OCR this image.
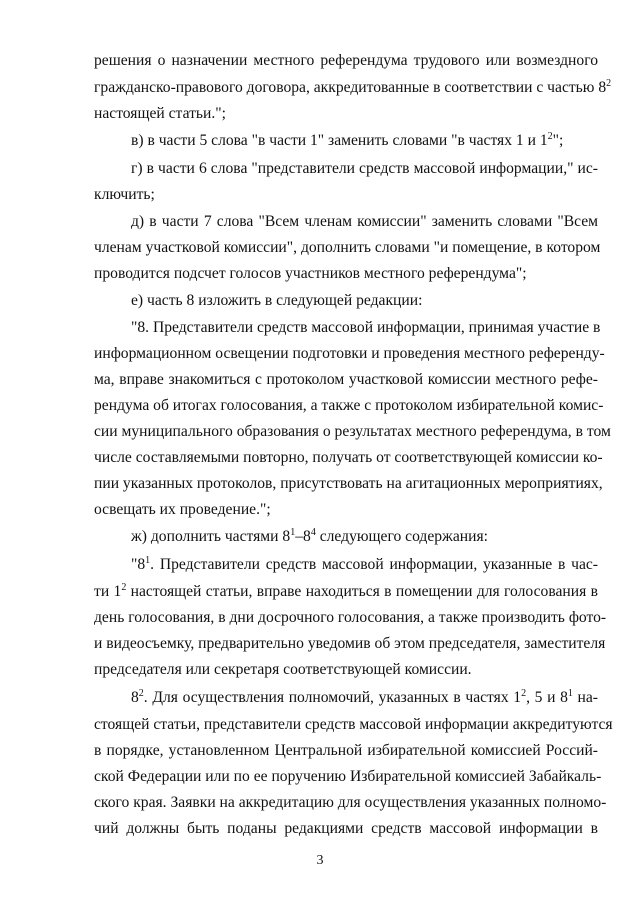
решения о назначении местного референдума трудового или возмездного
гражданско-правового договора, аккредитованные в соответствии с частью $8^2$
настоящей статьи.";
в) в части 5 слова "в части 1" заменить словами "в частях 1 и $1^2$";
г) в части 6 слова "представители средств массовой информации," ис-
ключить;
д) в части 7 слова "Всем членам комиссии" заменить словами "Всем
членам участковой комиссии", дополнить словами "и помещение, в котором
проводится подсчет голосов участников местного референдума";
е) часть 8 изложить в следующей редакции:
"8. Представители средств массовой информации, принимая участие в
информационном освещении подготовки и проведения местного референду-
ма, вправе знакомиться с протоколом участковой комиссии местного рефе-
рендума об итогах голосования, а также с протоколом избирательной комис-
сии муниципального образования о результатах местного референдума, в том
числе составляемыми повторно, получать от соответствующей комиссии ко-
пии указанных протоколов, присутствовать на агитационных мероприятиях,
освещать их проведение.";
ж) дополнить частями $8^1-8^4$ следующего содержания:
"$8^1$. Представители средств массовой информации, указанные в час-
ти $1^2$ настоящей статьи, вправе находиться в помещении для голосования в
день голосования, в дни досрочного голосования, а также производить фото-
и видеосъемку, предварительно уведомив об этом председателя, заместителя
председателя или секретаря соответствующей комиссии.
$8^2$. Для осуществления полномочий, указанных в частях $1^2$, 5 и $8^1$ на-
стоящей статьи, представители средств массовой информации аккредитуются
в порядке, установленном Центральной избирательной комиссией Россий-
ской Федерации или по ее поручению Избирательной комиссией Забайкаль-
ского края. Заявки на аккредитацию для осуществления указанных полномо-
чий должны быть поданы редакциями средств массовой информации в
3
